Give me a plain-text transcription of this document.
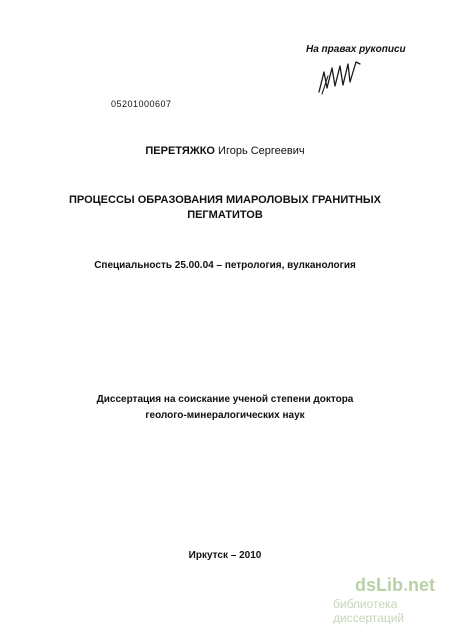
На правах рукописи
05201000607
ПЕРЕТЯЖКО Игорь Сергеевич
ПРОЦЕССЫ ОБРАЗОВАНИЯ МИАРОЛОВЫХ ГРАНИТНЫХ
ПЕГМАТИТОВ
Специальность 25.00.04 – петрология, вулканология
Диссертация на соискание ученой степени доктора
геолого-минералогических наук
Иркутск – 2010
dsLib.net
библиотека диссертаций
